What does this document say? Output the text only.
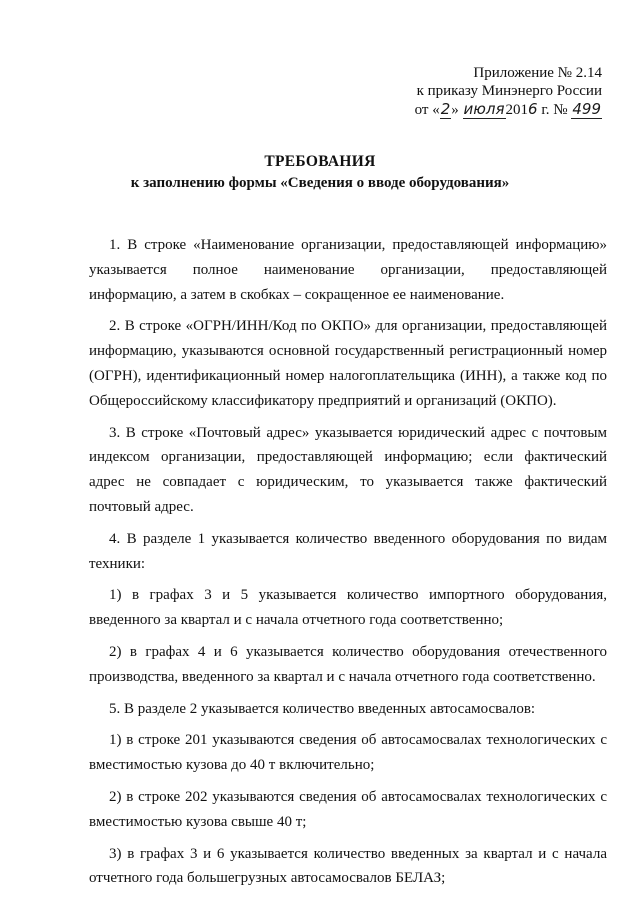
Приложение № 2.14
к приказу Минэнерго России
от «2» июля2016 г. № 499
ТРЕБОВАНИЯ
к заполнению формы «Сведения о вводе оборудования»

1. В строке «Наименование организации, предоставляющей информацию» указывается полное наименование организации, предоставляющей информацию, а затем в скобках – сокращенное ее наименование.

2. В строке «ОГРН/ИНН/Код по ОКПО» для организации, предоставляющей информацию, указываются основной государственный регистрационный номер (ОГРН), идентификационный номер налогоплательщика (ИНН), а также код по Общероссийскому классификатору предприятий и организаций (ОКПО).

3. В строке «Почтовый адрес» указывается юридический адрес с почтовым индексом организации, предоставляющей информацию; если фактический адрес не совпадает с юридическим, то указывается также фактический почтовый адрес.

4. В разделе 1 указывается количество введенного оборудования по видам техники:

1) в графах 3 и 5 указывается количество импортного оборудования, введенного за квартал и с начала отчетного года соответственно;

2) в графах 4 и 6 указывается количество оборудования отечественного производства, введенного за квартал и с начала отчетного года соответственно.

5. В разделе 2 указывается количество введенных автосамосвалов:

1) в строке 201 указываются сведения об автосамосвалах технологических с вместимостью кузова до 40 т включительно;

2) в строке 202 указываются сведения об автосамосвалах технологических с вместимостью кузова свыше 40 т;

3) в графах 3 и 6 указывается количество введенных за квартал и с начала отчетного года большегрузных автосамосвалов БЕЛАЗ;
